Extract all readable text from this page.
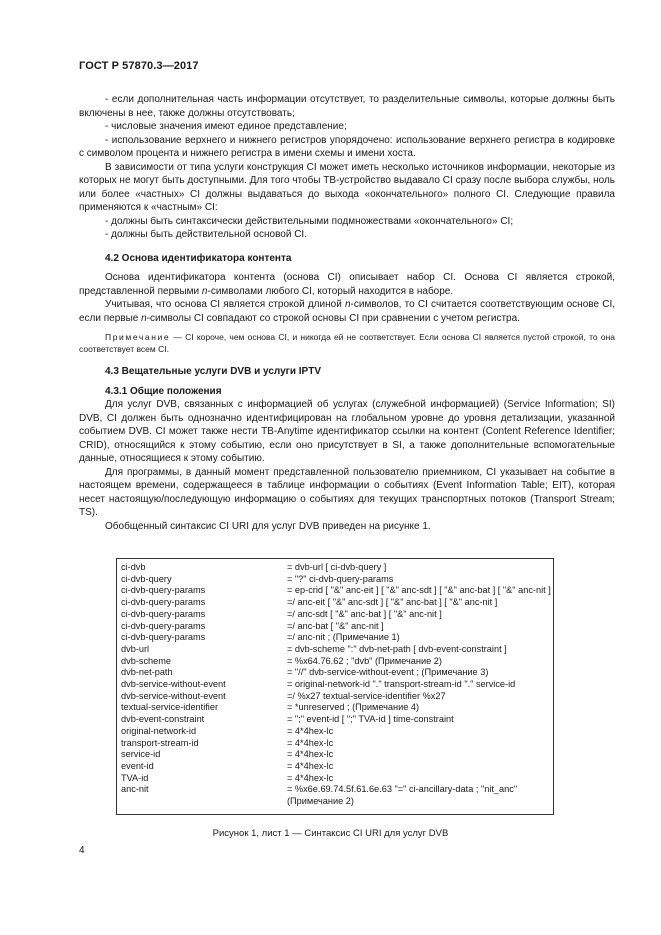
ГОСТ Р 57870.3—2017

- если дополнительная часть информации отсутствует, то разделительные символы, которые должны быть включены в нее, также должны отсутствовать;

- числовые значения имеют единое представление;

- использование верхнего и нижнего регистров упорядочено: использование верхнего регистра в кодировке с символом процента и нижнего регистра в имени схемы и имени хоста.

В зависимости от типа услуги конструкция CI может иметь несколько источников информации, некоторые из которых не могут быть доступными. Для того чтобы ТВ-устройство выдавало CI сразу после выбора службы, ноль или более «частных» CI должны выдаваться до выхода «окончательного» полного CI. Следующие правила применяются к «частным» CI:

- должны быть синтаксически действительными подмножествами «окончательного» CI;

- должны быть действительной основой CI.

4.2 Основа идентификатора контента

Основа идентификатора контента (основа CI) описывает набор CI. Основа CI является строкой, представленной первыми n-символами любого CI, который находится в наборе.

Учитывая, что основа CI является строкой длиной n-символов, то CI считается соответствующим основе CI, если первые n-символы CI совпадают со строкой основы CI при сравнении с учетом регистра.

Примечание — CI короче, чем основа CI, и никогда ей не соответствует. Если основа CI является пустой строкой, то она соответствует всем CI.

4.3 Вещательные услуги DVB и услуги IPTV

4.3.1 Общие положения

Для услуг DVB, связанных с информацией об услугах (служебной информацией) (Service Information; SI) DVB, CI должен быть однозначно идентифицирован на глобальном уровне до уровня детализации, указанной событием DVB. CI может также нести TB-Anytime идентификатор ссылки на контент (Content Reference Identifier; CRID), относящийся к этому событию, если оно присутствует в SI, а также дополнительные вспомогательные данные, относящиеся к этому событию.

Для программы, в данный момент представленной пользователю приемником, CI указывает на событие в настоящем времени, содержащееся в таблице информации о событиях (Event Information Table; EIT), которая несет настоящую/последующую информацию о событиях для текущих транспортных потоков (Transport Stream; TS).

Обобщенный синтаксис CI URI для услуг DVB приведен на рисунке 1.

ci-dvb	= dvb-url [ ci-dvb-query ]
ci-dvb-query	= "?" ci-dvb-query-params
ci-dvb-query-params	= ep-crid [ "&" anc-eit ] [ "&" anc-sdt ] [ "&" anc-bat ] [ "&" anc-nit ]
ci-dvb-query-params	=/ anc-eit [ "&" anc-sdt ] [ "&" anc-bat ] [ "&" anc-nit ]
ci-dvb-query-params	=/ anc-sdt [ "&" anc-bat ] [ "&" anc-nit ]
ci-dvb-query-params	=/ anc-bat [ "&" anc-nit ]
ci-dvb-query-params	=/ anc-nit ; (Примечание 1)
dvb-url	= dvb-scheme ":" dvb-net-path [ dvb-event-constraint ]
dvb-scheme	= %x64.76.62 ; "dvb" (Примечание 2)
dvb-net-path	= "//" dvb-service-without-event ; (Примечание 3)
dvb-service-without-event	= original-network-id "." transport-stream-id "." service-id
dvb-service-without-event	=/ %x27 textual-service-identifier %x27
textual-service-identifier	= *unreserved ; (Примечание 4)
dvb-event-constraint	= ";" event-id [ ";" TVA-id ] time-constraint
original-network-id	= 4*4hex-lc
transport-stream-id	= 4*4hex-lc
service-id	= 4*4hex-lc
event-id	= 4*4hex-lc
TVA-id	= 4*4hex-lc
anc-nit	= %x6e.69.74.5f.61.6e.63 "=" ci-ancillary-data ; "nit_anc"
(Примечание 2)
Рисунок 1, лист 1 — Синтаксис CI URI для услуг DVB
4
